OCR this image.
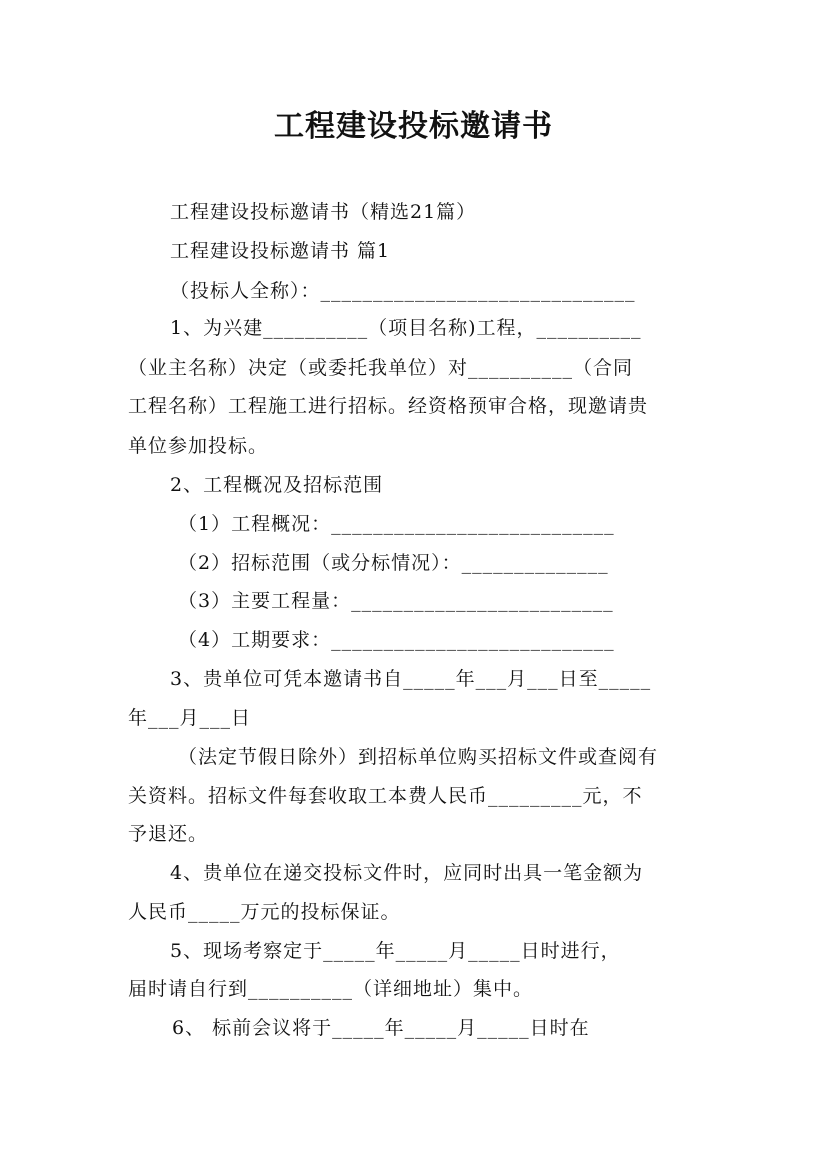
工程建设投标邀请书
工程建设投标邀请书（精选21篇）
工程建设投标邀请书 篇1
（投标人全称）：______________________________
1、为兴建__________（项目名称)工程，__________
（业主名称）决定（或委托我单位）对__________（合同
工程名称）工程施工进行招标。经资格预审合格，现邀请贵
单位参加投标。
2、工程概况及招标范围
（1）工程概况：___________________________
（2）招标范围（或分标情况）：______________
（3）主要工程量：_________________________
（4）工期要求：___________________________
3、贵单位可凭本邀请书自_____年___月___日至_____
年___月___日
（法定节假日除外）到招标单位购买招标文件或查阅有
关资料。招标文件每套收取工本费人民币_________元，不
予退还。
4、贵单位在递交投标文件时，应同时出具一笔金额为
人民币_____万元的投标保证。
5、现场考察定于_____年_____月_____日时进行，
届时请自行到__________（详细地址）集中。
6、 标前会议将于_____年_____月_____日时在
